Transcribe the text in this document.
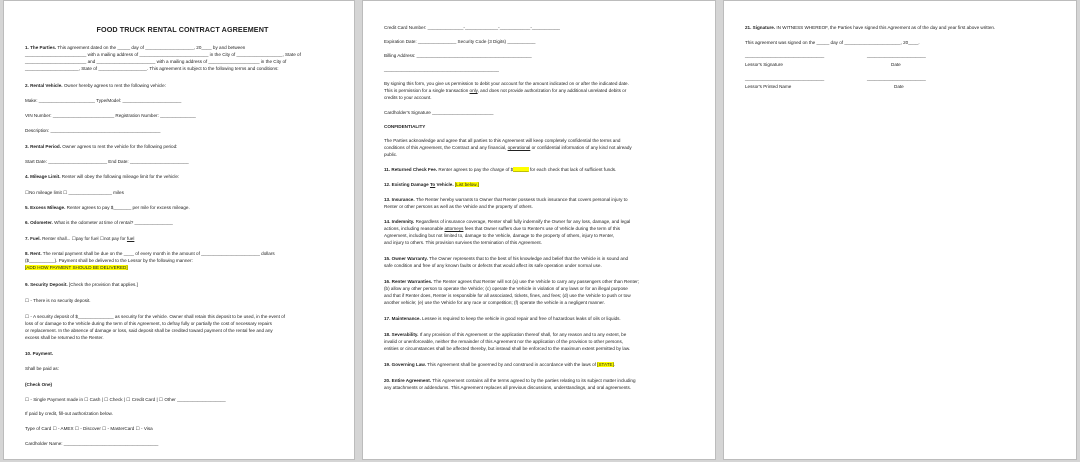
FOOD TRUCK RENTAL CONTRACT AGREEMENT
1. The Parties. This agreement dated on the _____ day of ___________________, 20____ by and between
________________________ with a mailing address of ___________________________ in the City of __________________, State of
________________________ and _______________________ with a mailing address of ____________________ in the City of
_____________________, State of ___________________. This agreement is subject to the following terms and conditions:
2. Rental Vehicle. Owner hereby agrees to rent the following vehicle:
Make: ______________________ Type/Model: _______________________
VIN Number: ________________________ Registration Number: ______________
Description: ___________________________________________
3. Rental Period. Owner agrees to rent the vehicle for the following period:
Start Date: _______________________ End Date: _______________________
4. Mileage Limit. Renter will obey the following mileage limit for the vehicle:
☐No mileage limit ☐ _________________ miles
5. Excess Mileage. Renter agrees to pay $_______ per mile for excess mileage.
6. Odometer. What is the odometer at time of rental? _______________
7. Fuel. Renter shall... ☐pay for fuel ☐not pay for fuel
8. Rent. The rental payment shall be due on the ____ of every month in the amount of _______________________ dollars
($__________). Payment shall be delivered to the Lessor by the following manner:
[ADD HOW PAYMENT SHOULD BE DELIVERED]
9. Security Deposit. [Check the provision that applies.]
☐ - There is no security deposit.
☐ - A security deposit of $______________ as security for the vehicle. Owner shall retain this deposit to be used, in the event of
loss of or damage to the Vehicle during the term of this Agreement, to defray fully or partially the cost of necessary repairs
or replacement. In the absence of damage or loss, said deposit shall be credited toward payment of the rental fee and any
excess shall be returned to the Renter.
10. Payment.
Shall be paid as:
(Check One)
☐ - Single Payment made in ☐ Cash | ☐ Check | ☐ Credit Card | ☐ Other ___________________
If paid by credit, fill-out authorization below.
Type of Card ☐ - AMEX ☐ - Discover ☐ - MasterCard ☐ - Visa
Cardholder Name: _____________________________________
Credit Card Number: ______________-_____________-____________-___________
Expiration Date: _______________ Security Code (3 Digits) ___________
Billing Address: _____________________________________________
_____________________________________________
By signing this form, you give us permission to debit your account for the amount indicated on or after the indicated date.
This is permission for a single transaction only, and does not provide authorization for any additional unrelated debits or
credits to your account.
Cardholder's Signature ________________________
CONFIDENTIALITY
The Parties acknowledge and agree that all parties to this Agreement will keep completely confidential the terms and
conditions of this Agreement, the Contract and any financial, operational or confidential information of any kind not already
public.
11. Returned Check Fee. Renter agrees to pay the charge of $______ for each check that lack of sufficient funds.
12. Existing Damage To Vehicle. [List below.]
13. Insurance. The Renter hereby warrants to Owner that Renter possess truck insurance that covers personal injury to
Renter or other persons as well as the Vehicle and the property of others.
14. Indemnity. Regardless of insurance coverage, Renter shall fully indemnify the Owner for any loss, damage, and legal
actions, including reasonable attorneys fees that Owner suffers due to Renter's use of Vehicle during the term of this
Agreement, including but not limited to, damage to the Vehicle, damage to the property of others, injury to Renter,
and injury to others. This provision survives the termination of this Agreement.
15. Owner Warranty. The Owner represents that to the best of his knowledge and belief that the Vehicle is in sound and
safe condition and free of any known faults or defects that would affect its safe operation under normal use.
16. Renter Warranties. The Renter agrees that Renter will not (a) use the Vehicle to carry any passengers other than Renter;
(b) allow any other person to operate the Vehicle; (c) operate the Vehicle in violation of any laws or for an illegal purpose
and that if Renter does, Renter is responsible for all associated, tickets, fines, and fees; (d) use the Vehicle to push or tow
another vehicle; (e) use the Vehicle for any race or competition; (f) operate the vehicle in a negligent manner.
17. Maintenance. Lessee is required to keep the vehicle in good repair and free of hazardous leaks of oils or liquids.
18. Severability. If any provision of this Agreement or the application thereof shall, for any reason and to any extent, be
invalid or unenforceable, neither the remainder of this Agreement nor the application of the provision to other persons,
entities or circumstances shall be affected thereby, but instead shall be enforced to the maximum extent permitted by law.
19. Governing Law. This Agreement shall be governed by and construed in accordance with the laws of [STATE].
20. Entire Agreement. This Agreement contains all the terms agreed to by the parties relating to its subject matter including
any attachments or addendums. This Agreement replaces all previous discussions, understandings, and oral agreements.
21. Signature. IN WITNESS WHEREOF, the Parties have signed this Agreement as of the day and year first above written.
This agreement was signed on the _____ day of ______________________, 20____.
_______________________________	_______________________
Lessor's Signature	Date
_______________________________	_______________________
Lessor's Printed Name	Date
